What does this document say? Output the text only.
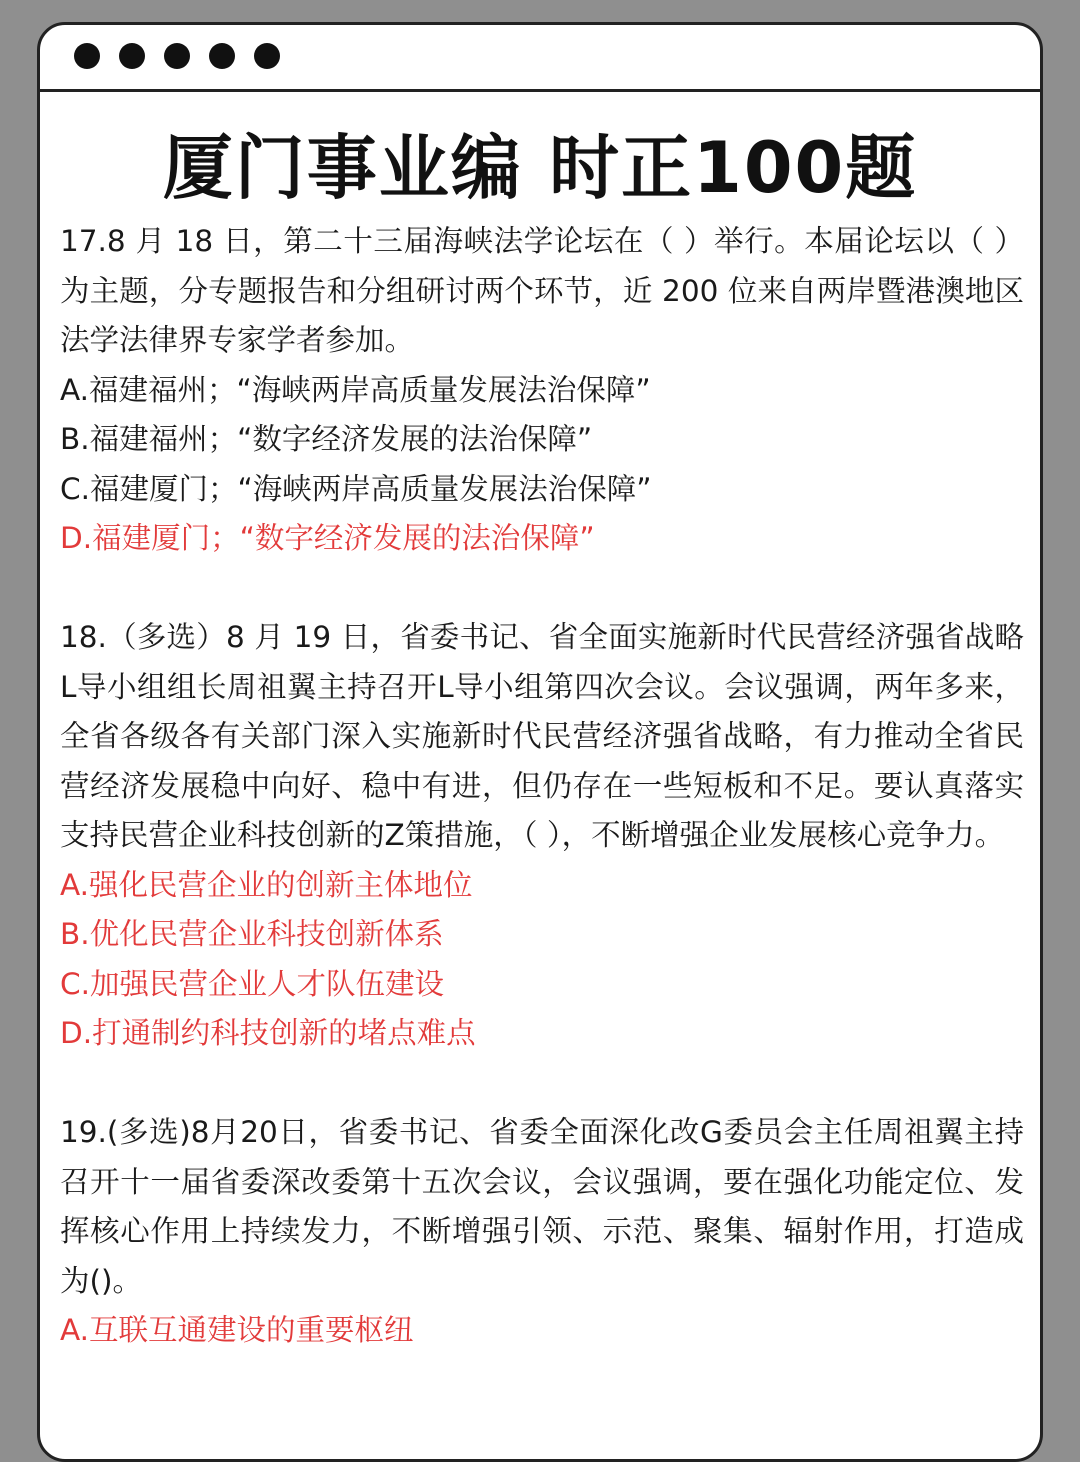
厦门事业编 时正100题
17.8 月 18 日，第二十三届海峡法学论坛在（ ）举行。本届论坛以（ ）为主题，分专题报告和分组研讨两个环节，近 200 位来自两岸暨港澳地区法学法律界专家学者参加。
A.福建福州；“海峡两岸高质量发展法治保障”
B.福建福州；“数字经济发展的法治保障”
C.福建厦门；“海峡两岸高质量发展法治保障”
D.福建厦门；“数字经济发展的法治保障”
18.（多选）8 月 19 日，省委书记、省全面实施新时代民营经济强省战略L导小组组长周祖翼主持召开L导小组第四次会议。会议强调，两年多来，全省各级各有关部门深入实施新时代民营经济强省战略，有力推动全省民营经济发展稳中向好、稳中有进，但仍存在一些短板和不足。要认真落实支持民营企业科技创新的Z策措施，（ ），不断增强企业发展核心竞争力。
A.强化民营企业的创新主体地位
B.优化民营企业科技创新体系
C.加强民营企业人才队伍建设
D.打通制约科技创新的堵点难点
19.(多选)8月20日，省委书记、省委全面深化改G委员会主任周祖翼主持召开十一届省委深改委第十五次会议，会议强调，要在强化功能定位、发挥核心作用上持续发力，不断增强引领、示范、聚集、辐射作用，打造成为()。
A.互联互通建设的重要枢纽
